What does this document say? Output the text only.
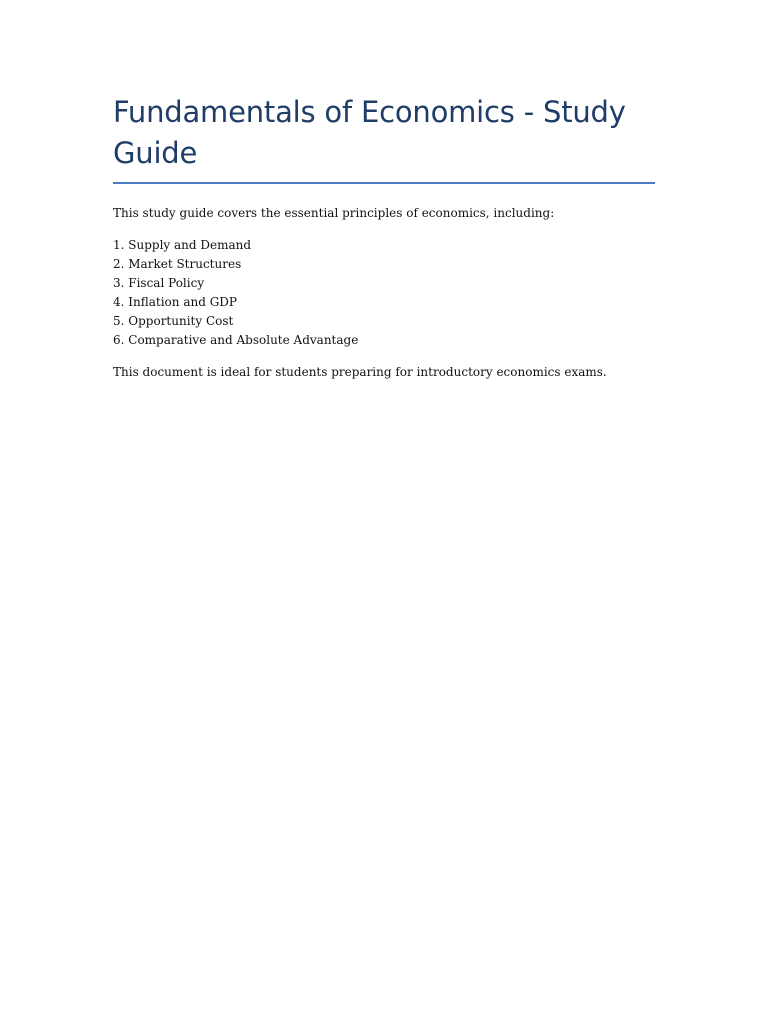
Fundamentals of Economics - Study Guide

This study guide covers the essential principles of economics, including:

1. Supply and Demand
2. Market Structures
3. Fiscal Policy
4. Inflation and GDP
5. Opportunity Cost
6. Comparative and Absolute Advantage

This document is ideal for students preparing for introductory economics exams.
